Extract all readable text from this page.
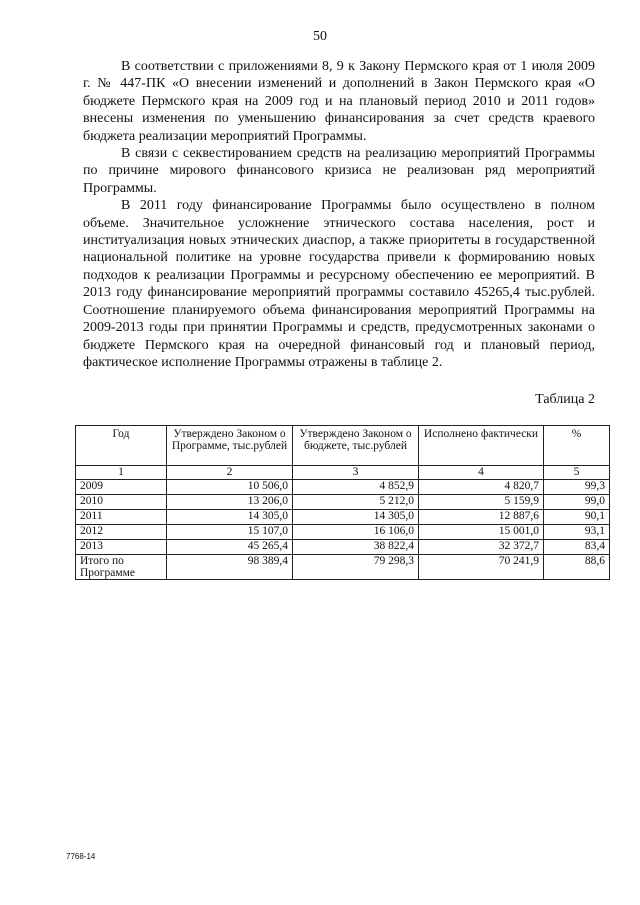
50

В соответствии с приложениями 8, 9 к Закону Пермского края от 1 июля 2009 г. № 447-ПК «О внесении изменений и дополнений в Закон Пермского края «О бюджете Пермского края на 2009 год и на плановый период 2010 и 2011 годов» внесены изменения по уменьшению финансирования за счет средств краевого бюджета реализации мероприятий Программы.

В связи с секвестированием средств на реализацию мероприятий Программы по причине мирового финансового кризиса не реализован ряд мероприятий Программы.

В 2011 году финансирование Программы было осуществлено в полном объеме. Значительное усложнение этнического состава населения, рост и институализация новых этнических диаспор, а также приоритеты в государственной национальной политике на уровне государства привели к формированию новых подходов к реализации Программы и ресурсному обеспечению ее мероприятий. В 2013 году финансирование мероприятий программы составило 45265,4 тыс.рублей. Соотношение планируемого объема финансирования мероприятий Программы на 2009-2013 годы при принятии Программы и средств, предусмотренных законами о бюджете Пермского края на очередной финансовый год и плановый период, фактическое исполнение Программы отражены в таблице 2.

Таблица 2
Год	Утверждено Законом о Программе, тыс.рублей	Утверждено Законом о бюджете, тыс.рублей	Исполнено фактически	%
1	2	3	4	5
2009	10 506,0	4 852,9	4 820,7	99,3
2010	13 206,0	5 212,0	5 159,9	99,0
2011	14 305,0	14 305,0	12 887,6	90,1
2012	15 107,0	16 106,0	15 001,0	93,1
2013	45 265,4	38 822,4	32 372,7	83,4
Итого по Программе	98 389,4	79 298,3	70 241,9	88,6
7768-14
